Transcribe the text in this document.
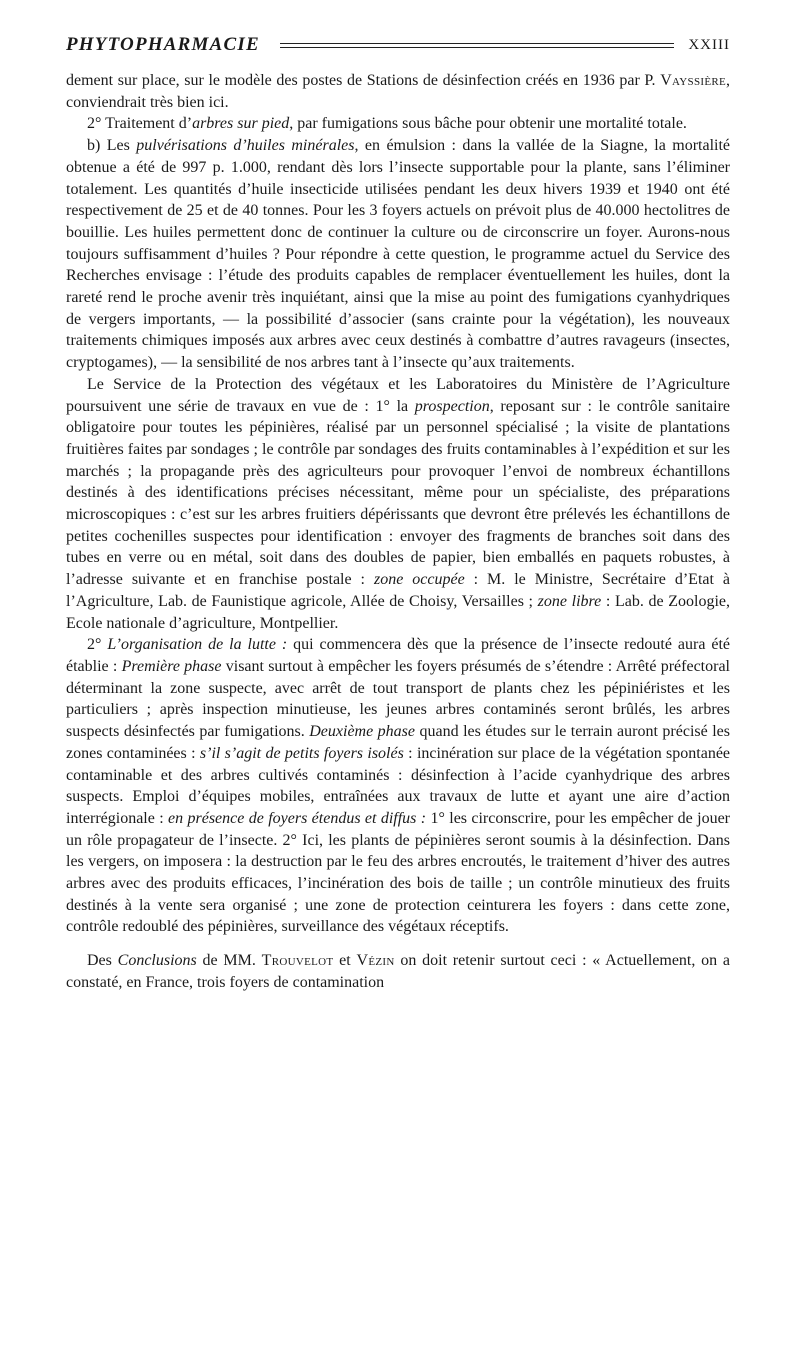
PHYTOPHARMACIE	XXIII

dement sur place, sur le modèle des postes de Stations de désinfection créés en 1936 par P. Vayssière, conviendrait très bien ici.

2° Traitement d’arbres sur pied, par fumigations sous bâche pour obtenir une mortalité totale.

b) Les pulvérisations d’huiles minérales, en émulsion : dans la vallée de la Siagne, la mortalité obtenue a été de 997 p. 1.000, rendant dès lors l’insecte supportable pour la plante, sans l’éliminer totalement. Les quantités d’huile insecticide utilisées pendant les deux hivers 1939 et 1940 ont été respectivement de 25 et de 40 tonnes. Pour les 3 foyers actuels on prévoit plus de 40.000 hectolitres de bouillie. Les huiles permettent donc de continuer la culture ou de circonscrire un foyer. Aurons-nous toujours suffisamment d’huiles ? Pour répondre à cette question, le programme actuel du Service des Recherches envisage : l’étude des produits capables de remplacer éventuellement les huiles, dont la rareté rend le proche avenir très inquiétant, ainsi que la mise au point des fumigations cyanhydriques de vergers importants, — la possibilité d’associer (sans crainte pour la végétation), les nouveaux traitements chimiques imposés aux arbres avec ceux destinés à combattre d’autres ravageurs (insectes, cryptogames), — la sensibilité de nos arbres tant à l’insecte qu’aux traitements.

Le Service de la Protection des végétaux et les Laboratoires du Ministère de l’Agriculture poursuivent une série de travaux en vue de : 1° la prospection, reposant sur : le contrôle sanitaire obligatoire pour toutes les pépinières, réalisé par un personnel spécialisé ; la visite de plantations fruitières faites par sondages ; le contrôle par sondages des fruits contaminables à l’expédition et sur les marchés ; la propagande près des agriculteurs pour provoquer l’envoi de nombreux échantillons destinés à des identifications précises nécessitant, même pour un spécialiste, des préparations microscopiques : c’est sur les arbres fruitiers dépérissants que devront être prélevés les échantillons de petites cochenilles suspectes pour identification : envoyer des fragments de branches soit dans des tubes en verre ou en métal, soit dans des doubles de papier, bien emballés en paquets robustes, à l’adresse suivante et en franchise postale : zone occupée : M. le Ministre, Secrétaire d’Etat à l’Agriculture, Lab. de Faunistique agricole, Allée de Choisy, Versailles ; zone libre : Lab. de Zoologie, Ecole nationale d’agriculture, Montpellier.

2° L’organisation de la lutte : qui commencera dès que la présence de l’insecte redouté aura été établie : Première phase visant surtout à empêcher les foyers présumés de s’étendre : Arrêté préfectoral déterminant la zone suspecte, avec arrêt de tout transport de plants chez les pépiniéristes et les particuliers ; après inspection minutieuse, les jeunes arbres contaminés seront brûlés, les arbres suspects désinfectés par fumigations. Deuxième phase quand les études sur le terrain auront précisé les zones contaminées : s’il s’agit de petits foyers isolés : incinération sur place de la végétation spontanée contaminable et des arbres cultivés contaminés : désinfection à l’acide cyanhydrique des arbres suspects. Emploi d’équipes mobiles, entraînées aux travaux de lutte et ayant une aire d’action interrégionale : en présence de foyers étendus et diffus : 1° les circonscrire, pour les empêcher de jouer un rôle propagateur de l’insecte. 2° Ici, les plants de pépinières seront soumis à la désinfection. Dans les vergers, on imposera : la destruction par le feu des arbres encroutés, le traitement d’hiver des autres arbres avec des produits efficaces, l’incinération des bois de taille ; un contrôle minutieux des fruits destinés à la vente sera organisé ; une zone de protection ceinturera les foyers : dans cette zone, contrôle redoublé des pépinières, surveillance des végétaux réceptifs.

Des Conclusions de MM. Trouvelot et Vézin on doit retenir surtout ceci : « Actuellement, on a constaté, en France, trois foyers de contamination
